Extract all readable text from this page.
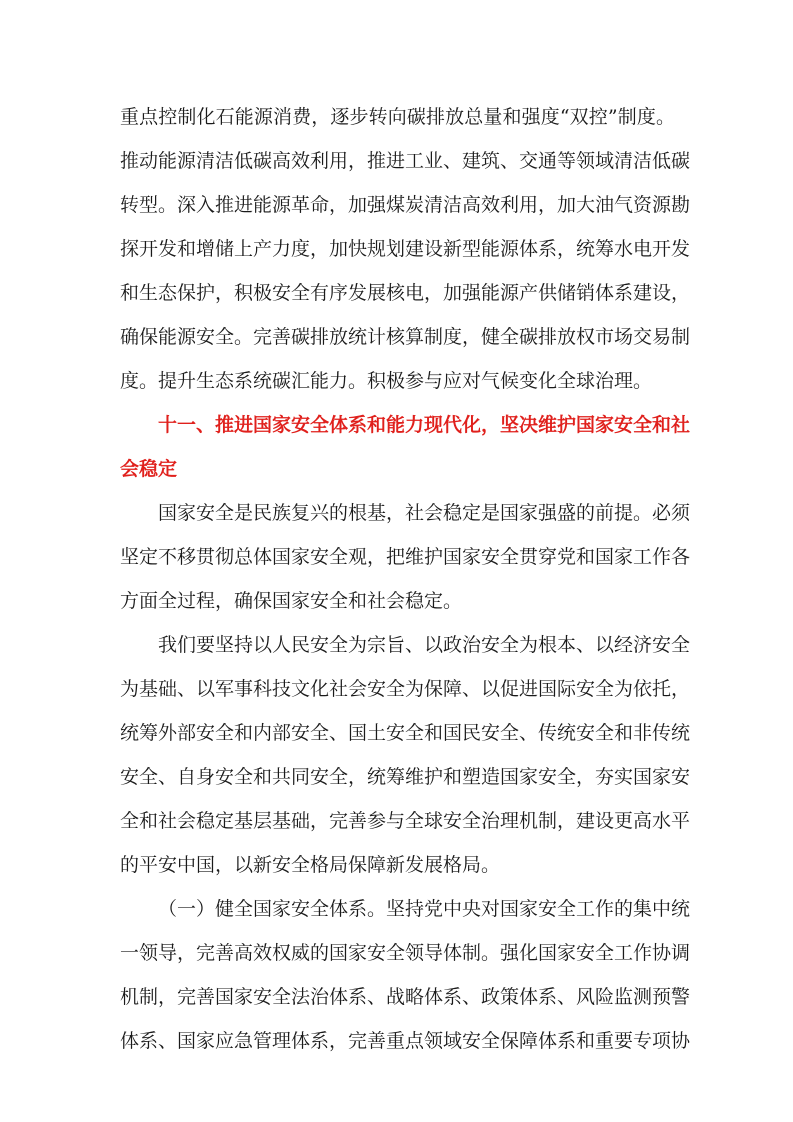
重点控制化石能源消费，逐步转向碳排放总量和强度“双控”制度。
推动能源清洁低碳高效利用，推进工业、建筑、交通等领域清洁低碳
转型。深入推进能源革命，加强煤炭清洁高效利用，加大油气资源勘
探开发和增储上产力度，加快规划建设新型能源体系，统筹水电开发
和生态保护，积极安全有序发展核电，加强能源产供储销体系建设，
确保能源安全。完善碳排放统计核算制度，健全碳排放权市场交易制
度。提升生态系统碳汇能力。积极参与应对气候变化全球治理。
十一、推进国家安全体系和能力现代化，坚决维护国家安全和社
会稳定
国家安全是民族复兴的根基，社会稳定是国家强盛的前提。必须
坚定不移贯彻总体国家安全观，把维护国家安全贯穿党和国家工作各
方面全过程，确保国家安全和社会稳定。
我们要坚持以人民安全为宗旨、以政治安全为根本、以经济安全
为基础、以军事科技文化社会安全为保障、以促进国际安全为依托，
统筹外部安全和内部安全、国土安全和国民安全、传统安全和非传统
安全、自身安全和共同安全，统筹维护和塑造国家安全，夯实国家安
全和社会稳定基层基础，完善参与全球安全治理机制，建设更高水平
的平安中国，以新安全格局保障新发展格局。
（一）健全国家安全体系。坚持党中央对国家安全工作的集中统
一领导，完善高效权威的国家安全领导体制。强化国家安全工作协调
机制，完善国家安全法治体系、战略体系、政策体系、风险监测预警
体系、国家应急管理体系，完善重点领域安全保障体系和重要专项协
